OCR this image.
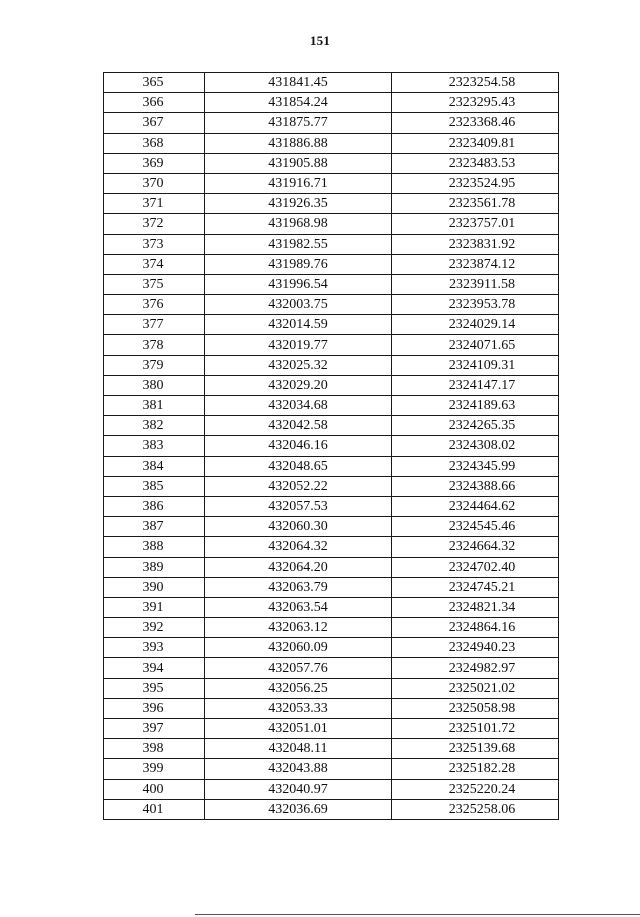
151
365	431841.45	2323254.58
366	431854.24	2323295.43
367	431875.77	2323368.46
368	431886.88	2323409.81
369	431905.88	2323483.53
370	431916.71	2323524.95
371	431926.35	2323561.78
372	431968.98	2323757.01
373	431982.55	2323831.92
374	431989.76	2323874.12
375	431996.54	2323911.58
376	432003.75	2323953.78
377	432014.59	2324029.14
378	432019.77	2324071.65
379	432025.32	2324109.31
380	432029.20	2324147.17
381	432034.68	2324189.63
382	432042.58	2324265.35
383	432046.16	2324308.02
384	432048.65	2324345.99
385	432052.22	2324388.66
386	432057.53	2324464.62
387	432060.30	2324545.46
388	432064.32	2324664.32
389	432064.20	2324702.40
390	432063.79	2324745.21
391	432063.54	2324821.34
392	432063.12	2324864.16
393	432060.09	2324940.23
394	432057.76	2324982.97
395	432056.25	2325021.02
396	432053.33	2325058.98
397	432051.01	2325101.72
398	432048.11	2325139.68
399	432043.88	2325182.28
400	432040.97	2325220.24
401	432036.69	2325258.06
